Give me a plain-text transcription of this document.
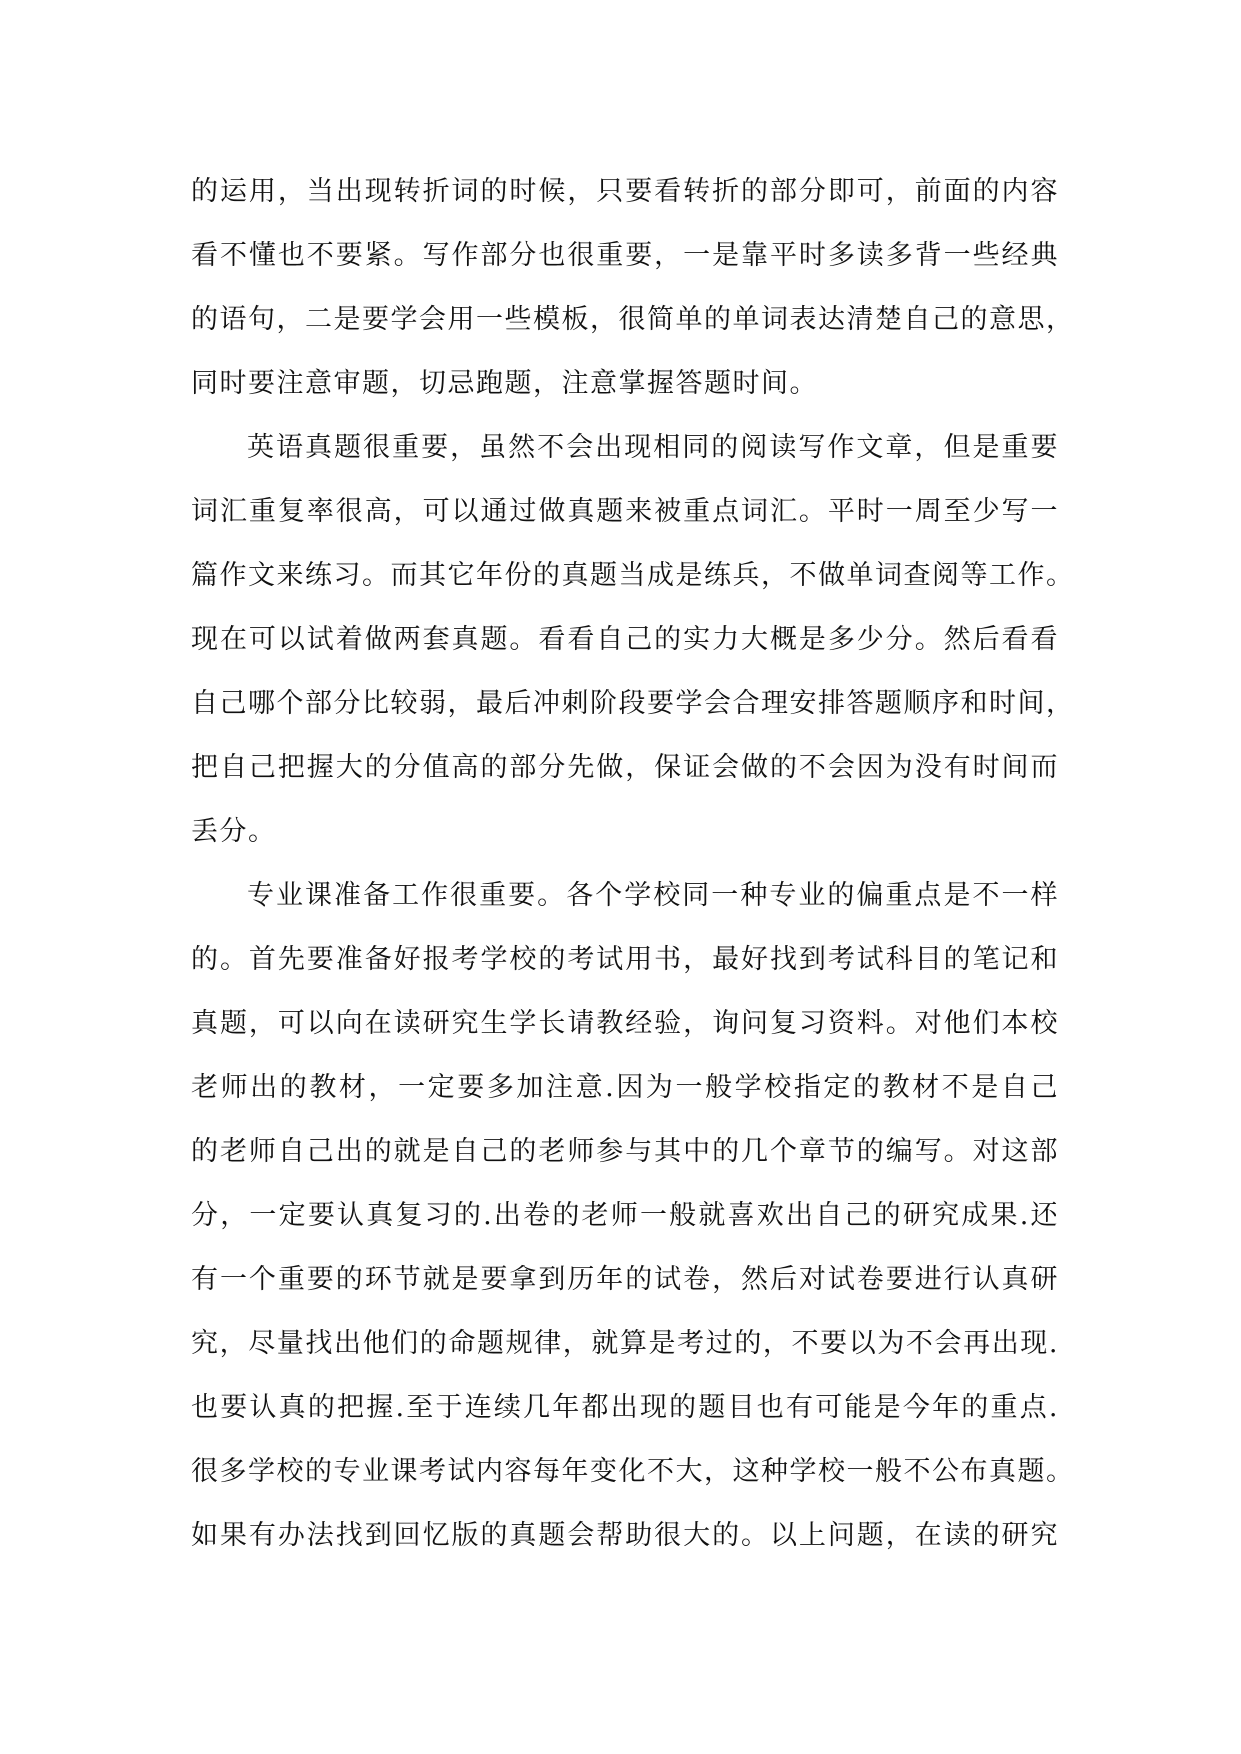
的运用，当出现转折词的时候，只要看转折的部分即可，前面的内容
看不懂也不要紧。写作部分也很重要，一是靠平时多读多背一些经典
的语句，二是要学会用一些模板，很简单的单词表达清楚自己的意思，
同时要注意审题，切忌跑题，注意掌握答题时间。
英语真题很重要，虽然不会出现相同的阅读写作文章，但是重要
词汇重复率很高，可以通过做真题来被重点词汇。平时一周至少写一
篇作文来练习。而其它年份的真题当成是练兵，不做单词查阅等工作。
现在可以试着做两套真题。看看自己的实力大概是多少分。然后看看
自己哪个部分比较弱，最后冲刺阶段要学会合理安排答题顺序和时间，
把自己把握大的分值高的部分先做，保证会做的不会因为没有时间而
丢分。
专业课准备工作很重要。各个学校同一种专业的偏重点是不一样
的。首先要准备好报考学校的考试用书，最好找到考试科目的笔记和
真题，可以向在读研究生学长请教经验，询问复习资料。对他们本校
老师出的教材，一定要多加注意.因为一般学校指定的教材不是自己
的老师自己出的就是自己的老师参与其中的几个章节的编写。对这部
分，一定要认真复习的.出卷的老师一般就喜欢出自己的研究成果.还
有一个重要的环节就是要拿到历年的试卷，然后对试卷要进行认真研
究，尽量找出他们的命题规律，就算是考过的，不要以为不会再出现.
也要认真的把握.至于连续几年都出现的题目也有可能是今年的重点.
很多学校的专业课考试内容每年变化不大，这种学校一般不公布真题。
如果有办法找到回忆版的真题会帮助很大的。以上问题，在读的研究
